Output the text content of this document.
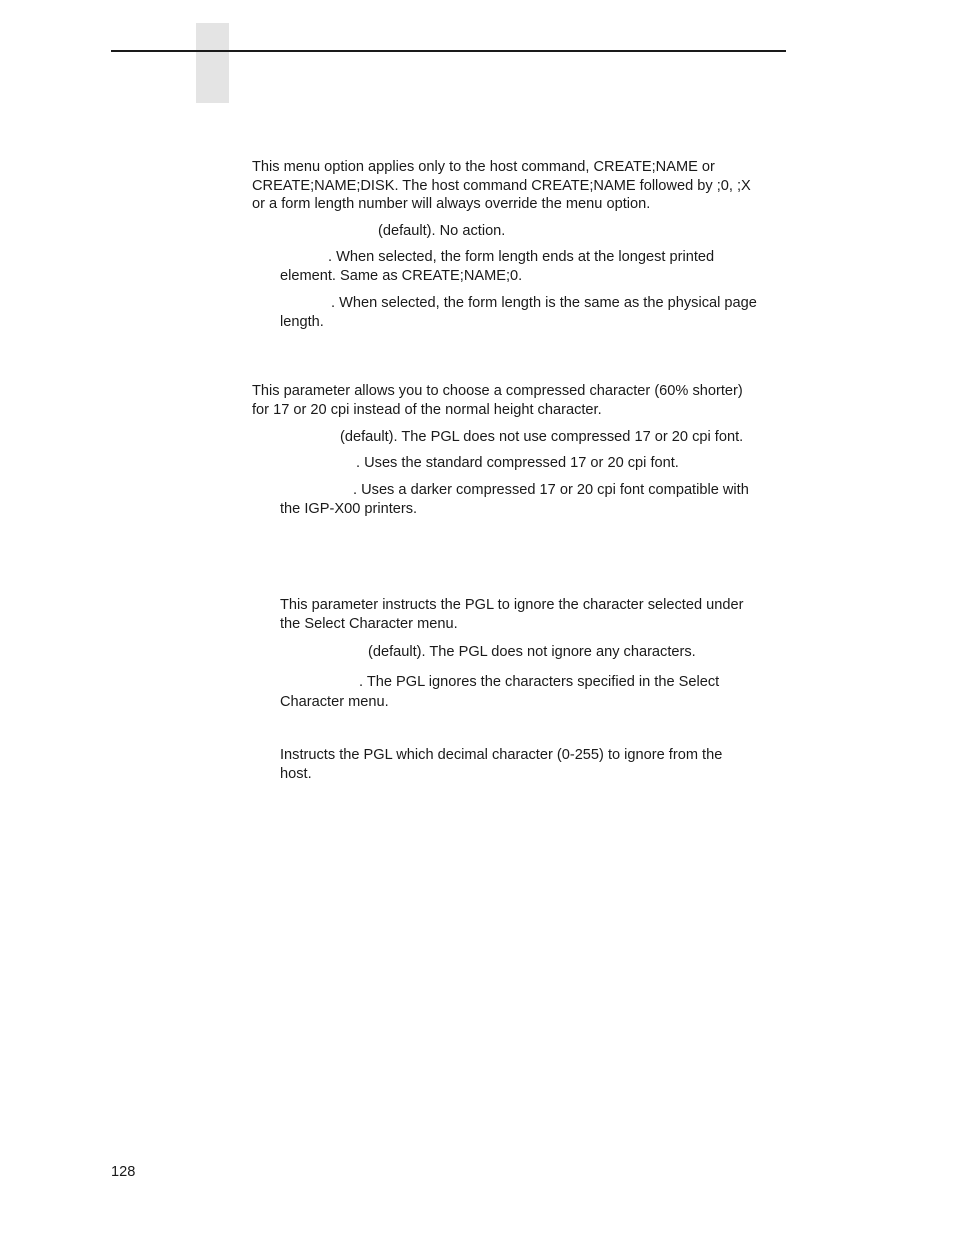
This menu option applies only to the host command, CREATE;NAME or

CREATE;NAME;DISK. The host command CREATE;NAME followed by ;0, ;X

or a form length number will always override the menu option.

(default). No action.

. When selected, the form length ends at the longest printed

element. Same as CREATE;NAME;0.

. When selected, the form length is the same as the physical page

length.

This parameter allows you to choose a compressed character (60% shorter)

for 17 or 20 cpi instead of the normal height character.

(default). The PGL does not use compressed 17 or 20 cpi font.

. Uses the standard compressed 17 or 20 cpi font.

. Uses a darker compressed 17 or 20 cpi font compatible with

the IGP-X00 printers.

This parameter instructs the PGL to ignore the character selected under

the Select Character menu.

(default). The PGL does not ignore any characters.

. The PGL ignores the characters specified in the Select

Character menu.

Instructs the PGL which decimal character (0-255) to ignore from the

host.

128
